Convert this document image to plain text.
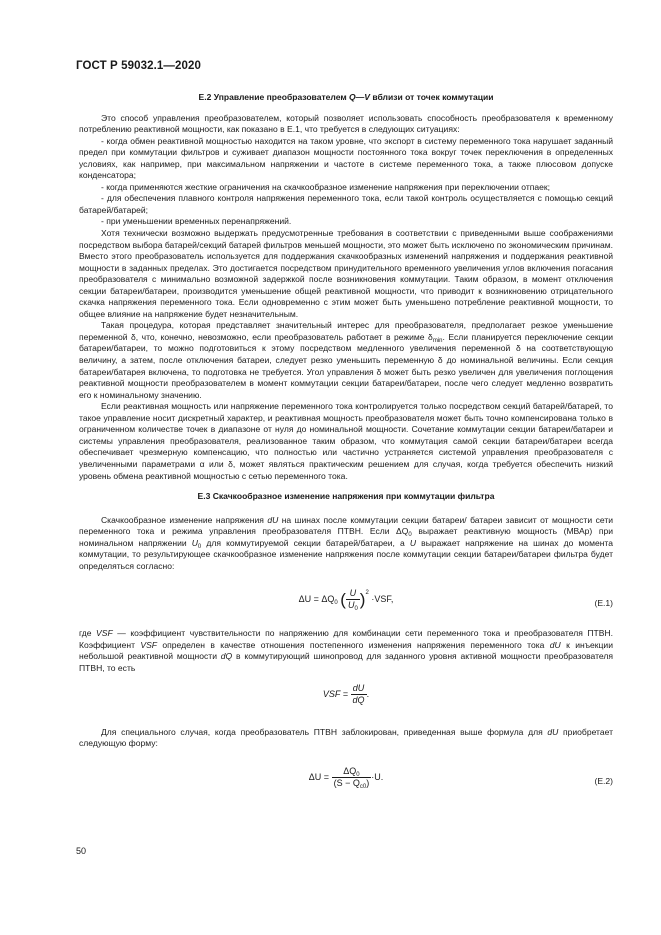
ГОСТ Р 59032.1—2020
Е.2 Управление преобразователем Q—V вблизи от точек коммутации

Это способ управления преобразователем, который позволяет использовать способность преобразователя к временному потреблению реактивной мощности, как показано в Е.1, что требуется в следующих ситуациях:

- когда обмен реактивной мощностью находится на таком уровне, что экспорт в систему переменного тока нарушает заданный предел при коммутации фильтров и суживает диапазон мощности постоянного тока вокруг точек переключения в определенных условиях, как например, при максимальном напряжении и частоте в системе переменного тока, а также плюсовом допуске конденсатора;

- когда применяются жесткие ограничения на скачкообразное изменение напряжения при переключении отпаек;

- для обеспечения плавного контроля напряжения переменного тока, если такой контроль осуществляется с помощью секций батарей/батарей;

- при уменьшении временных перенапряжений.

Хотя технически возможно выдержать предусмотренные требования в соответствии с приведенными выше соображениями посредством выбора батарей/секций батарей фильтров меньшей мощности, это может быть исключено по экономическим причинам. Вместо этого преобразователь используется для поддержания скачкообразных изменений напряжения и поддержания реактивной мощности в заданных пределах. Это достигается посредством принудительного временного увеличения углов включения погасания преобразователя с минимально возможной задержкой после возникновения коммутации. Таким образом, в момент отключения секции батареи/батареи, производится уменьшение общей реактивной мощности, что приводит к возникновению отрицательного скачка напряжения переменного тока. Если одновременно с этим может быть уменьшено потребление реактивной мощности, то общее влияние на напряжение будет незначительным.

Такая процедура, которая представляет значительный интерес для преобразователя, предполагает резкое уменьшение переменной δ, что, конечно, невозможно, если преобразователь работает в режиме $\delta_{min}$. Если планируется переключение секции батареи/батареи, то можно подготовиться к этому посредством медленного увеличения переменной δ на соответствующую величину, а затем, после отключения батареи, следует резко уменьшить переменную δ до номинальной величины. Если секция батареи/батарея включена, то подготовка не требуется. Угол управления δ может быть резко увеличен для увеличения поглощения реактивной мощности преобразователем в момент коммутации секции батареи/батареи, после чего следует медленно возвратить его к номинальному значению.

Если реактивная мощность или напряжение переменного тока контролируется только посредством секций батарей/батарей, то такое управление носит дискретный характер, и реактивная мощность преобразователя может быть точно компенсирована только в ограниченном количестве точек в диапазоне от нуля до номинальной мощности. Сочетание коммутации секции батареи/батареи и системы управления преобразователя, реализованное таким образом, что коммутация самой секции батареи/батареи всегда обеспечивает чрезмерную компенсацию, что полностью или частично устраняется системой управления преобразователя с увеличенными параметрами α или δ, может являться практическим решением для случая, когда требуется обеспечить низкий уровень обмена реактивной мощностью с сетью переменного тока.

Е.3 Скачкообразное изменение напряжения при коммутации фильтра

Скачкообразное изменение напряжения dU на шинах после коммутации секции батареи/ батареи зависит от мощности сети переменного тока и режима управления преобразователя ПТВН. Если $\Delta Q_0$ выражает реактивную мощность (МВАр) при номинальном напряжении $U_0$ для коммутируемой секции батарей/батареи, а U выражает напряжение на шинах до момента коммутации, то результирующее скачкообразное изменение напряжения после коммутации секции батареи/батареи фильтра будет определяться согласно:

$\Delta U = \Delta Q_0$ ( $\frac{U}{U_0} )^2 \cdot VSF$,	(Е.1)

где VSF — коэффициент чувствительности по напряжению для комбинации сети переменного тока и преобразователя ПТВН. Коэффициент VSF определен в качестве отношения постепенного изменения напряжения переменного тока dU к инъекции небольшой реактивной мощности dQ в коммутирующий шинопровод для заданного уровня активной мощности преобразователя ПТВН, то есть

VSF = $\frac{dU}{dQ}$ .

Для специального случая, когда преобразователь ПТВН заблокирован, приведенная выше формула для dU приобретает следующую форму:

$\Delta U = \frac{\Delta Q_0}{(S - Q_{c0})} \cdot U$.	(Е.2)
50
